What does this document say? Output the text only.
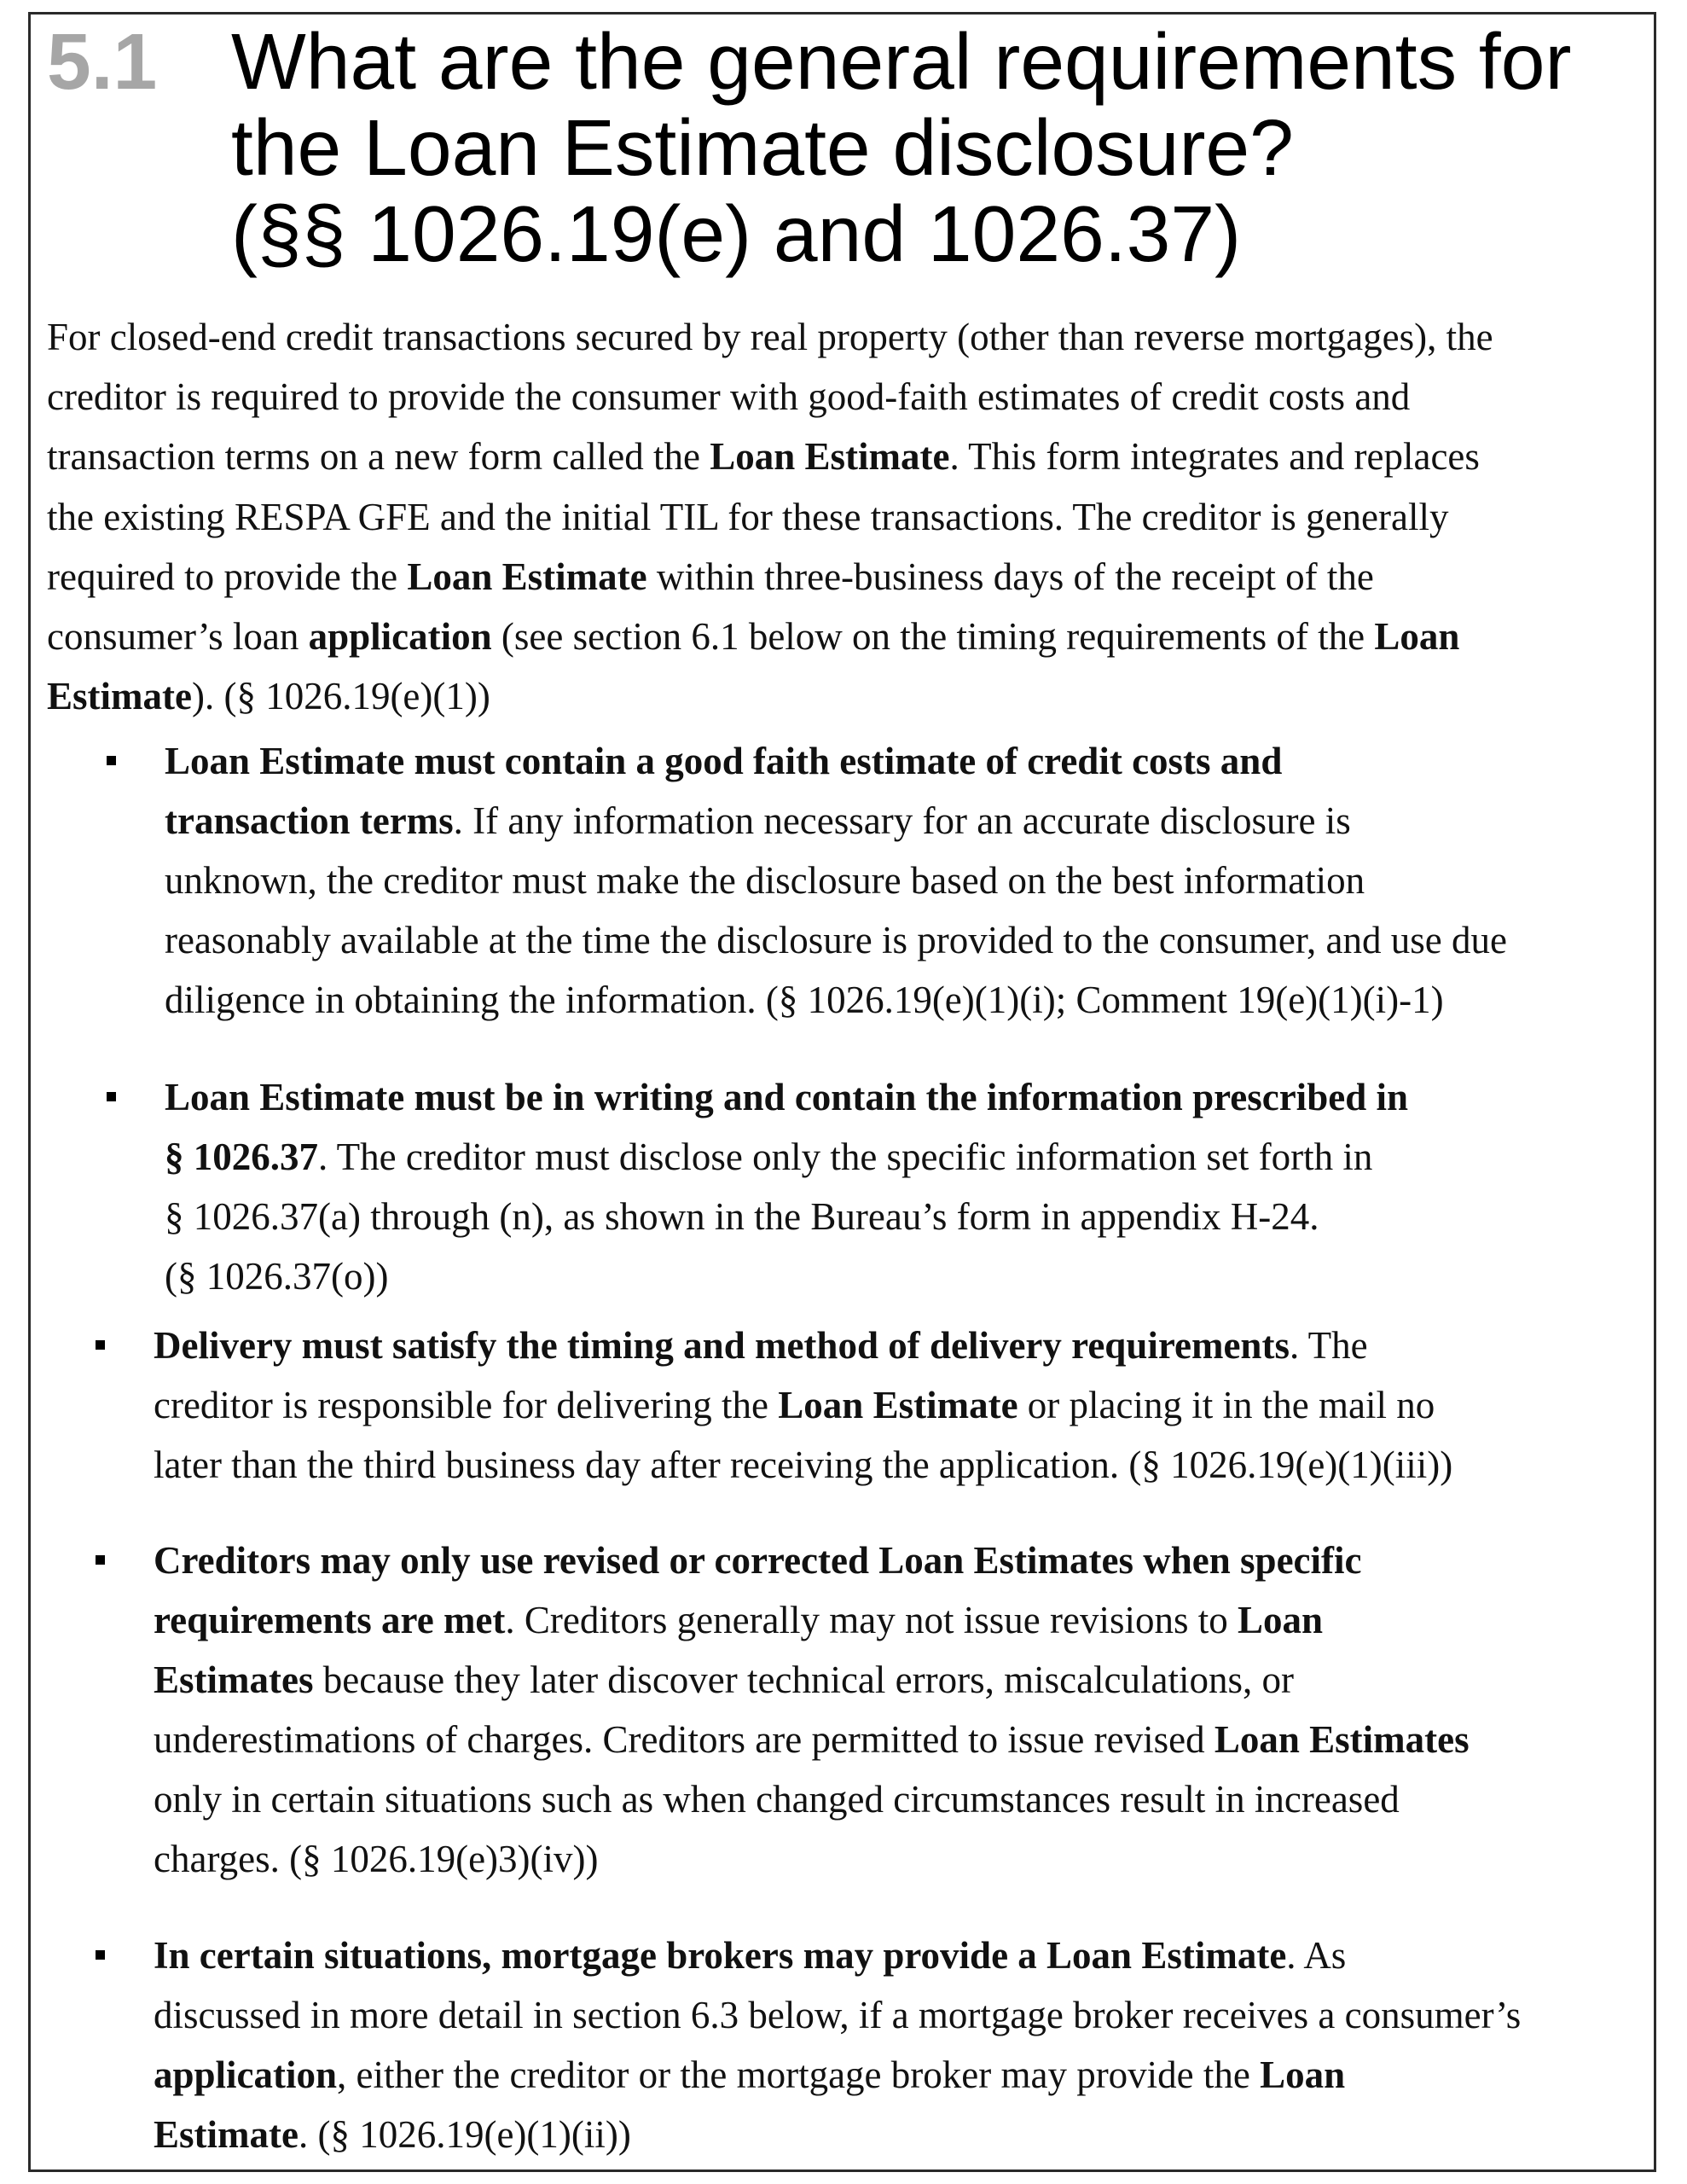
5.1 What are the general requirements for
the Loan Estimate disclosure?
(§§ 1026.19(e) and 1026.37)
For closed-end credit transactions secured by real property (other than reverse mortgages), the
creditor is required to provide the consumer with good-faith estimates of credit costs and
transaction terms on a new form called the Loan Estimate. This form integrates and replaces
the existing RESPA GFE and the initial TIL for these transactions. The creditor is generally
required to provide the Loan Estimate within three-business days of the receipt of the
consumer’s loan application (see section 6.1 below on the timing requirements of the Loan
Estimate). (§ 1026.19(e)(1))
Loan Estimate must contain a good faith estimate of credit costs and
transaction terms. If any information necessary for an accurate disclosure is
unknown, the creditor must make the disclosure based on the best information
reasonably available at the time the disclosure is provided to the consumer, and use due
diligence in obtaining the information. (§ 1026.19(e)(1)(i); Comment 19(e)(1)(i)-1)
Loan Estimate must be in writing and contain the information prescribed in
§ 1026.37. The creditor must disclose only the specific information set forth in
§ 1026.37(a) through (n), as shown in the Bureau’s form in appendix H-24.
(§ 1026.37(o))
Delivery must satisfy the timing and method of delivery requirements. The
creditor is responsible for delivering the Loan Estimate or placing it in the mail no
later than the third business day after receiving the application. (§ 1026.19(e)(1)(iii))
Creditors may only use revised or corrected Loan Estimates when specific
requirements are met. Creditors generally may not issue revisions to Loan
Estimates because they later discover technical errors, miscalculations, or
underestimations of charges. Creditors are permitted to issue revised Loan Estimates
only in certain situations such as when changed circumstances result in increased
charges. (§ 1026.19(e)3)(iv))
In certain situations, mortgage brokers may provide a Loan Estimate. As
discussed in more detail in section 6.3 below, if a mortgage broker receives a consumer’s
application, either the creditor or the mortgage broker may provide the Loan
Estimate. (§ 1026.19(e)(1)(ii))
